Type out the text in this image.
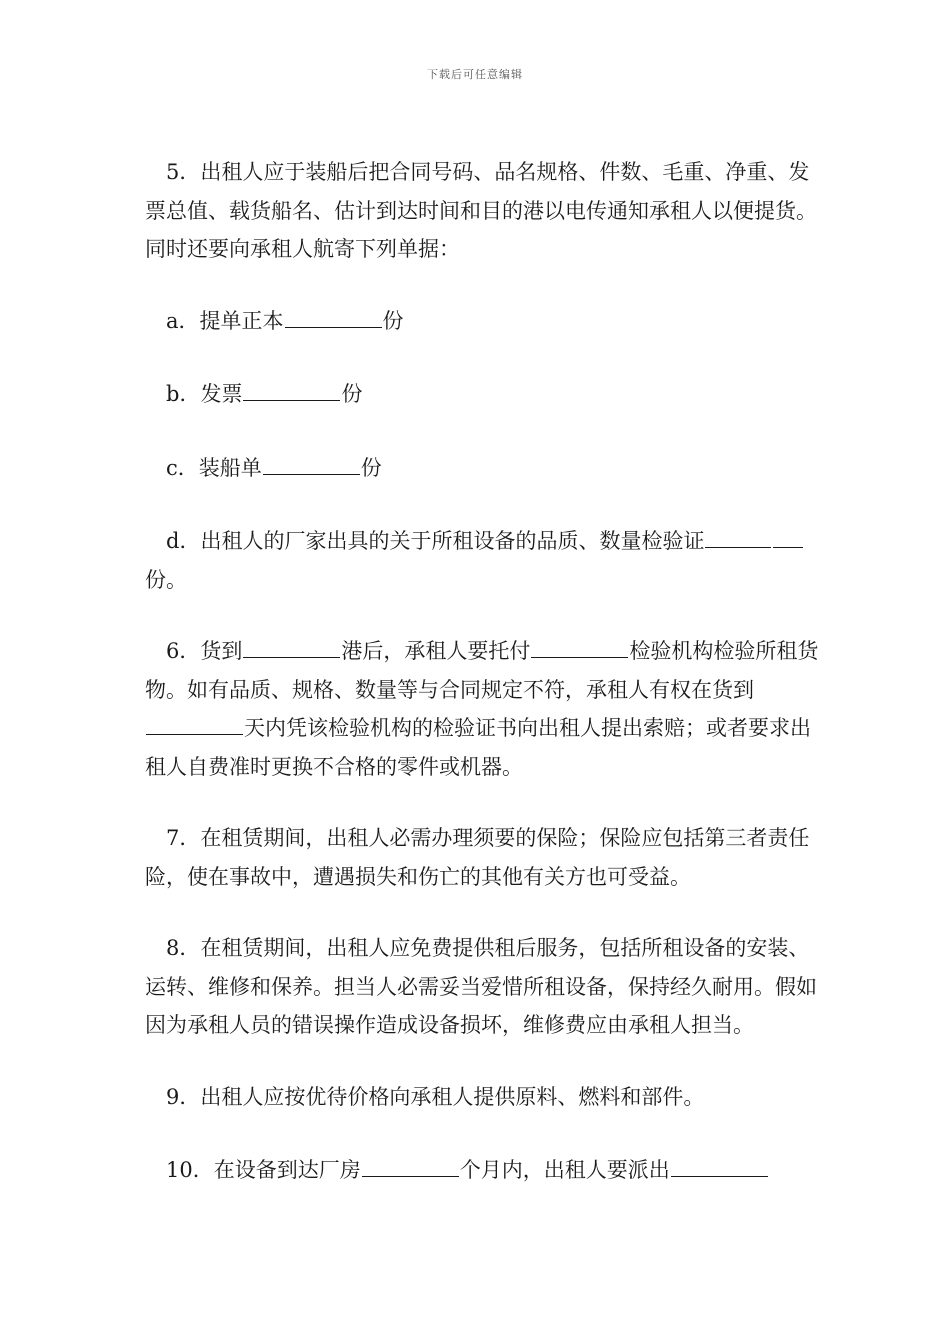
下载后可任意编辑

5．出租人应于装船后把合同号码、品名规格、件数、毛重、净重、发票总值、载货船名、估计到达时间和目的港以电传通知承租人以便提货。同时还要向承租人航寄下列单据：

a．提单正本	份

b．发票	份

c．装船单	份

d．出租人的厂家出具的关于所租设备的品质、数量检验证份。

6．货到	港后，承租人要托付	检验机构检验所租货物。如有品质、规格、数量等与合同规定不符，承租人有权在货到天内凭该检验机构的检验证书向出租人提出索赔；或者要求出租人自费准时更换不合格的零件或机器。

7．在租赁期间，出租人必需办理须要的保险；保险应包括第三者责任险，使在事故中，遭遇损失和伤亡的其他有关方也可受益。

8．在租赁期间，出租人应免费提供租后服务，包括所租设备的安装、运转、维修和保养。担当人必需妥当爱惜所租设备，保持经久耐用。假如因为承租人员的错误操作造成设备损坏，维修费应由承租人担当。

9．出租人应按优待价格向承租人提供原料、燃料和部件。

10．在设备到达厂房	个月内，出租人要派出
